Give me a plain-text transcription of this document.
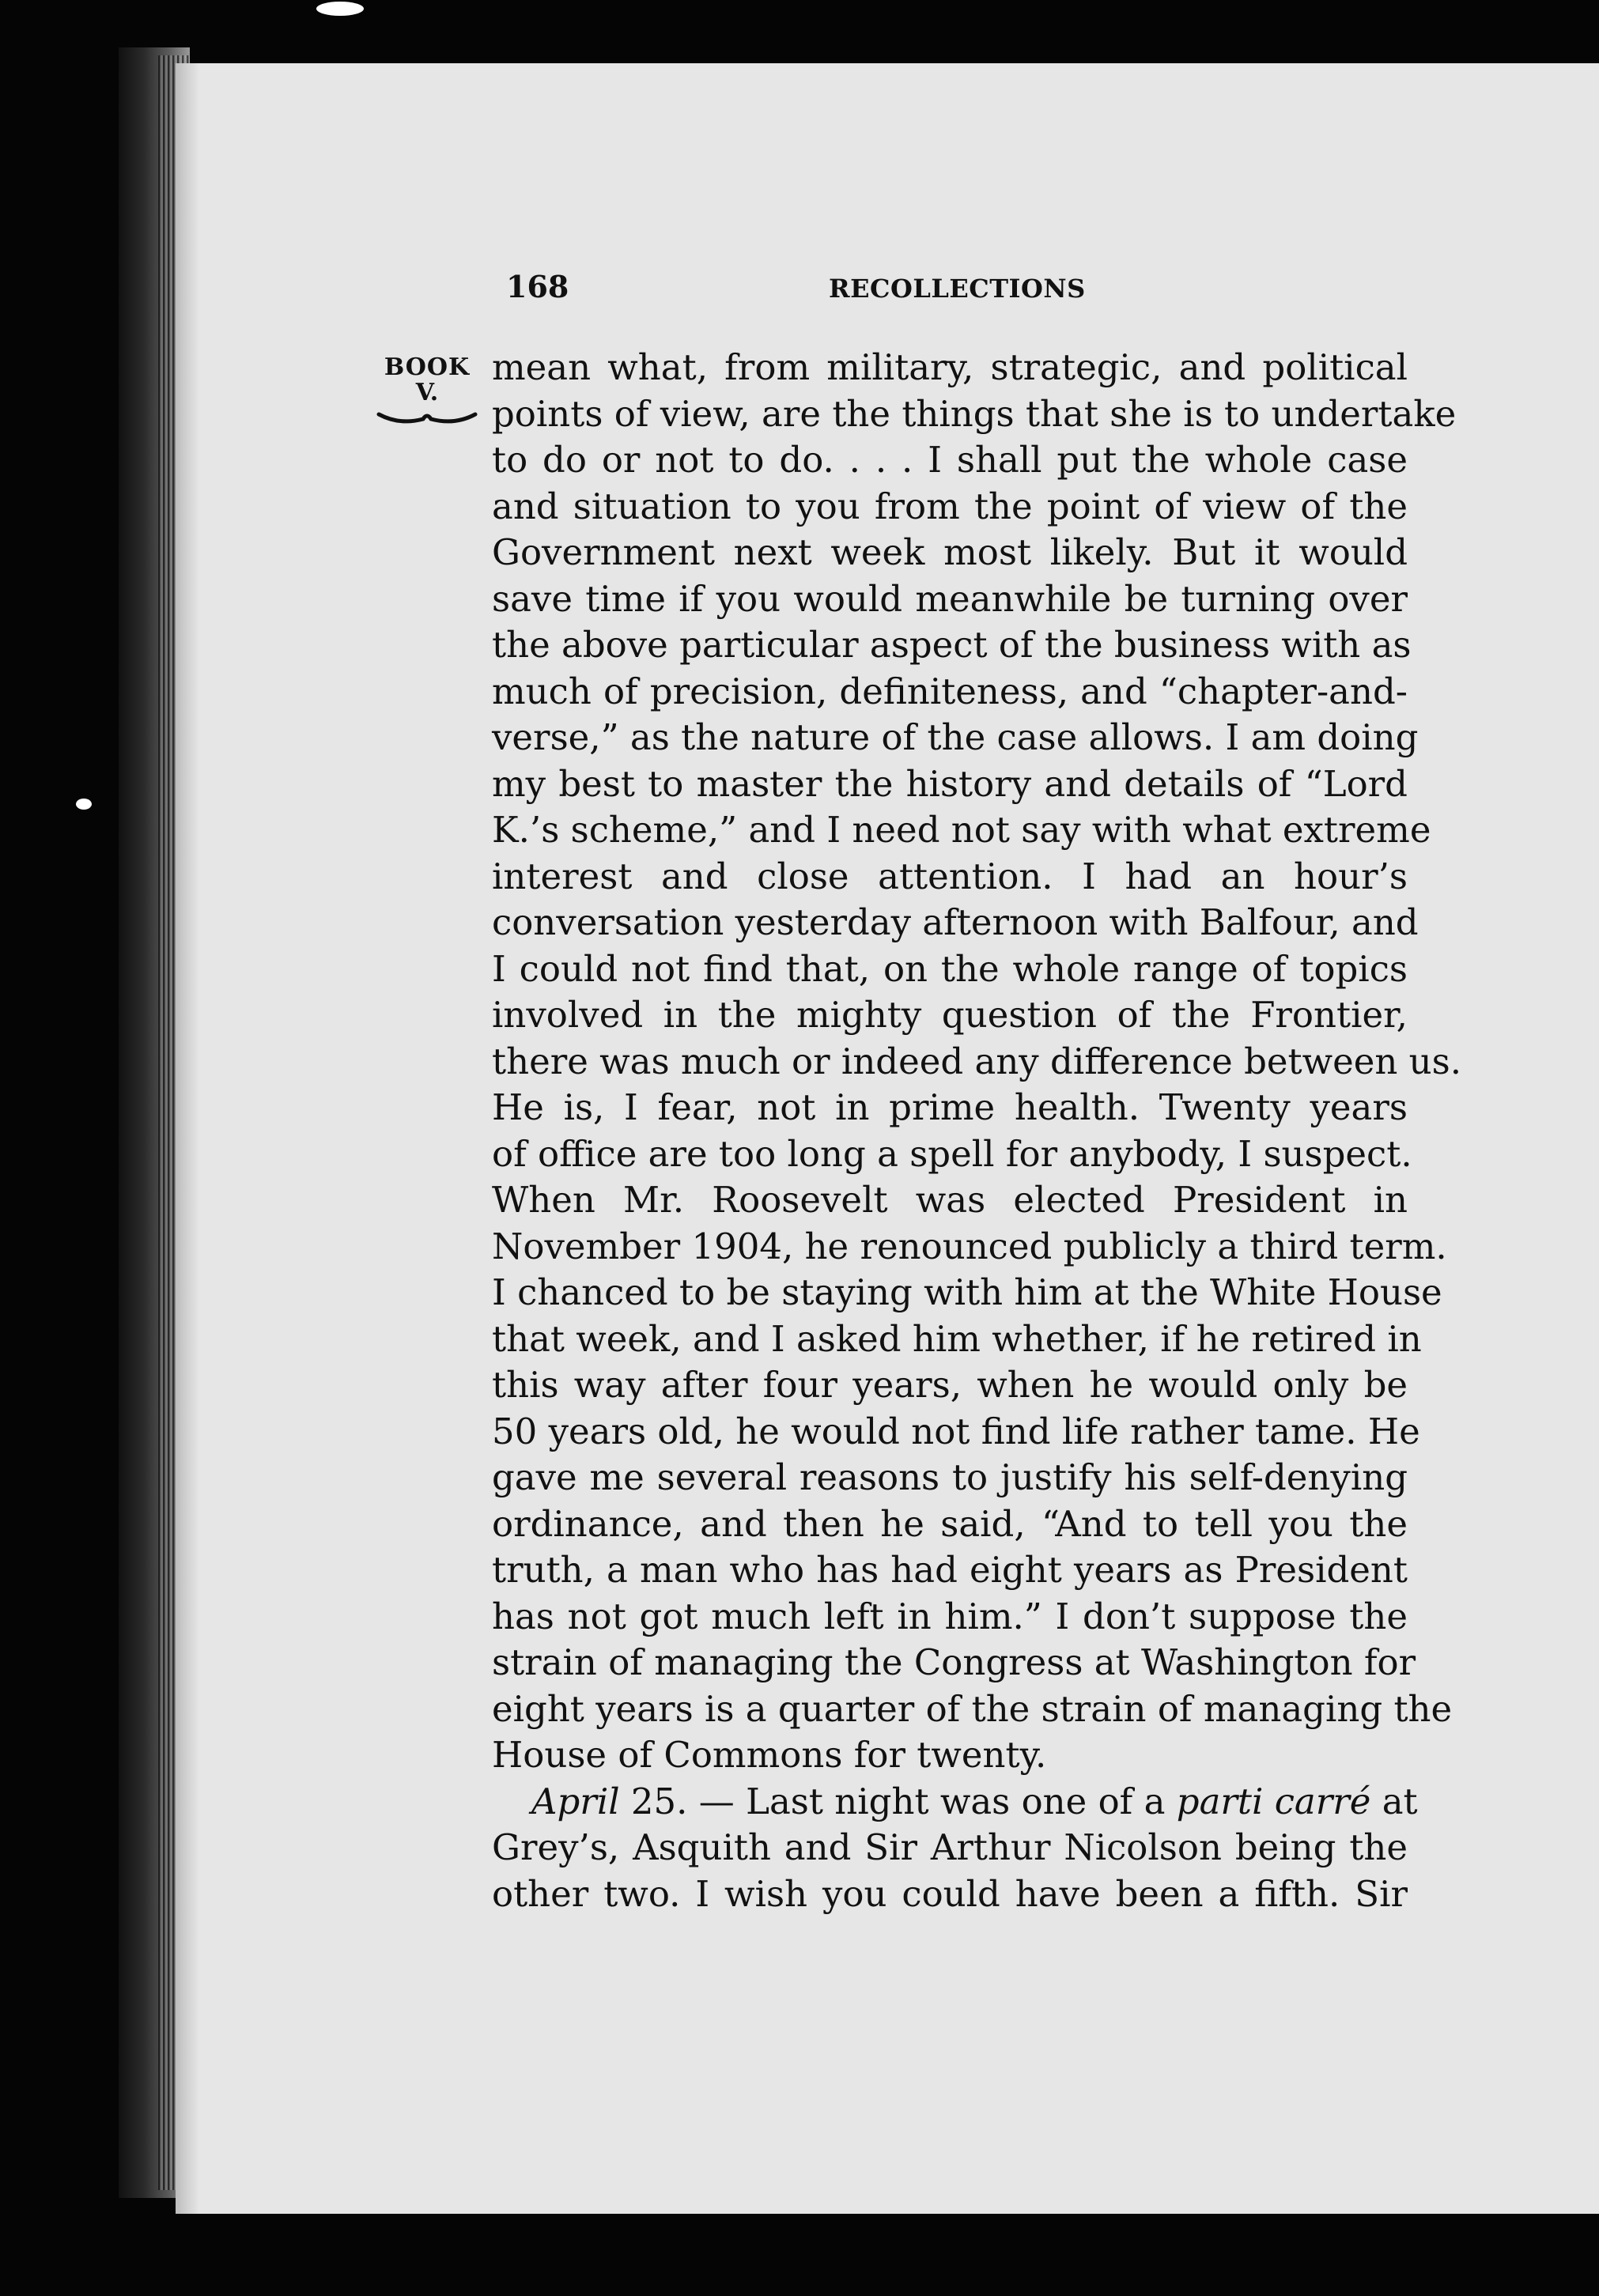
168	RECOLLECTIONS
BOOK
V.

mean what, from military, strategic, and political
points of view, are the things that she is to undertake
to do or not to do. . . . I shall put the whole case
and situation to you from the point of view of the
Government next week most likely. But it would
save time if you would meanwhile be turning over
the above particular aspect of the business with as
much of precision, definiteness, and “chapter-and-
verse,” as the nature of the case allows. I am doing
my best to master the history and details of “Lord
K.’s scheme,” and I need not say with what extreme
interest and close attention. I had an hour’s
conversation yesterday afternoon with Balfour, and
I could not find that, on the whole range of topics
involved in the mighty question of the Frontier,
there was much or indeed any difference between us.
He is, I fear, not in prime health. Twenty years
of office are too long a spell for anybody, I suspect.
When Mr. Roosevelt was elected President in
November 1904, he renounced publicly a third term.
I chanced to be staying with him at the White House
that week, and I asked him whether, if he retired in
this way after four years, when he would only be
50 years old, he would not find life rather tame. He
gave me several reasons to justify his self-denying
ordinance, and then he said, “And to tell you the
truth, a man who has had eight years as President
has not got much left in him.” I don’t suppose the
strain of managing the Congress at Washington for
eight years is a quarter of the strain of managing the
House of Commons for twenty.

April 25. — Last night was one of a parti carré at
Grey’s, Asquith and Sir Arthur Nicolson being the
other two. I wish you could have been a fifth. Sir
